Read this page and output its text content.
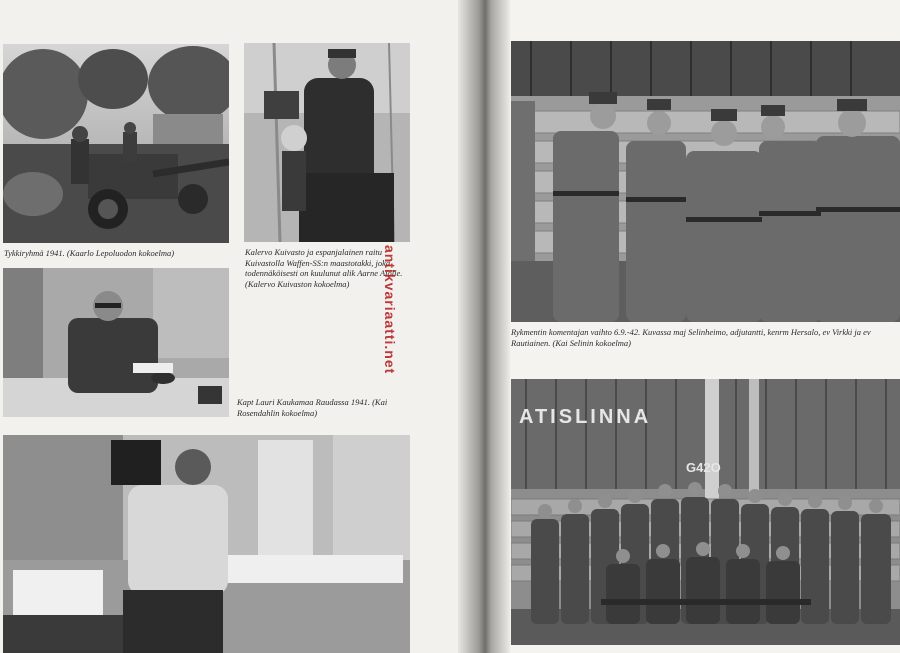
Tykkiryhmä 1941. (Kaarlo Lepoluodon kokoelma)	Kalervo Kuivasto ja espanjalainen raitu Kuivastolla Waffen-SS:n maastotakki, joka todennäköisesti on kuulunut alik Aarne Aiolle. (Kalervo Kuivaston kokoelma)

Kapt Lauri Kaukamaa Raudassa 1941. (Kai Rosendahlin kokoelma)

Rykmentin komentajan vaihto 6.9.-42. Kuvassa maj Selinheimo, adjutantti, kenrm Hersalo, ev Virkki ja ev Rautiainen. (Kai Selinin kokoelma)

ATISLINNA
G42O
antikvariaatti.net
